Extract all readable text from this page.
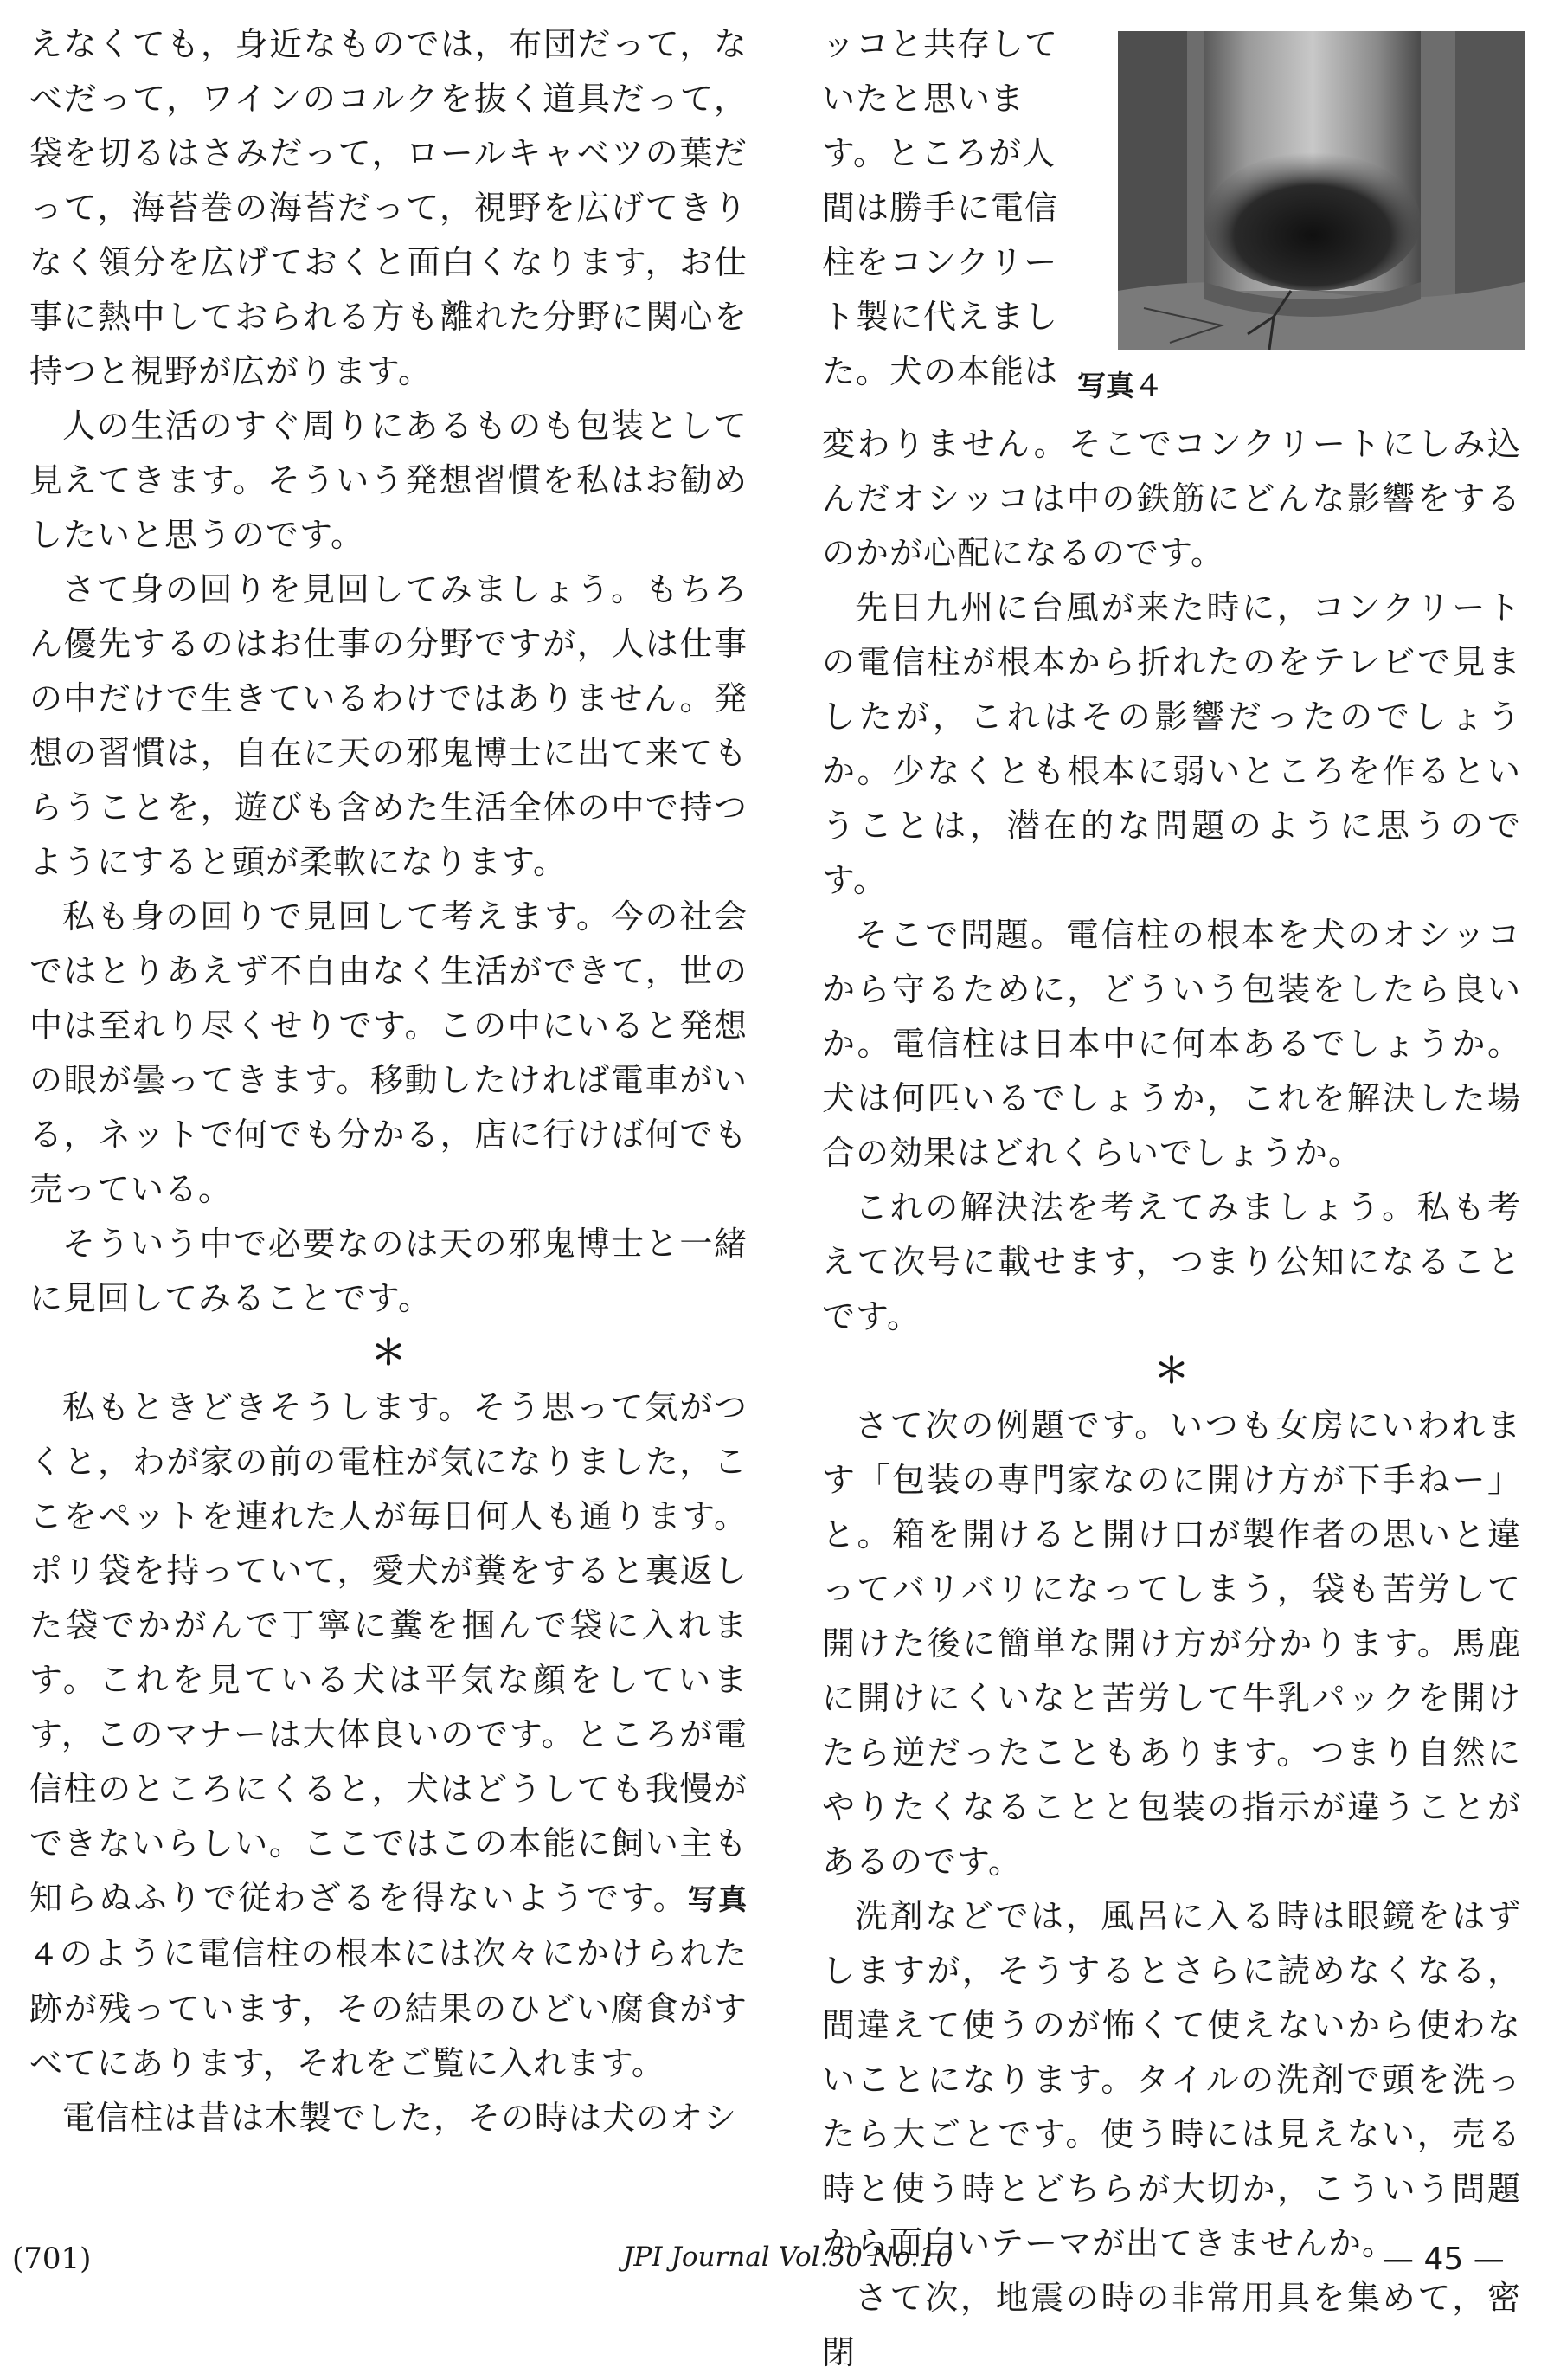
えなくても，身近なものでは，布団だって，なべだって，ワインのコルクを抜く道具だって，袋を切るはさみだって，ロールキャベツの葉だって，海苔巻の海苔だって，視野を広げてきりなく領分を広げておくと面白くなります，お仕事に熱中しておられる方も離れた分野に関心を持つと視野が広がります。

人の生活のすぐ周りにあるものも包装として見えてきます。そういう発想習慣を私はお勧めしたいと思うのです。

さて身の回りを見回してみましょう。もちろん優先するのはお仕事の分野ですが，人は仕事の中だけで生きているわけではありません。発想の習慣は，自在に天の邪鬼博士に出て来てもらうことを，遊びも含めた生活全体の中で持つようにすると頭が柔軟になります。

私も身の回りで見回して考えます。今の社会ではとりあえず不自由なく生活ができて，世の中は至れり尽くせりです。この中にいると発想の眼が曇ってきます。移動したければ電車がいる，ネットで何でも分かる，店に行けば何でも売っている。

そういう中で必要なのは天の邪鬼博士と一緒に見回してみることです。

＊

私もときどきそうします。そう思って気がつくと，わが家の前の電柱が気になりました，ここをペットを連れた人が毎日何人も通ります。ポリ袋を持っていて，愛犬が糞をすると裏返した袋でかがんで丁寧に糞を掴んで袋に入れます。これを見ている犬は平気な顔をしています，このマナーは大体良いのです。ところが電信柱のところにくると，犬はどうしても我慢ができないらしい。ここではこの本能に飼い主も知らぬふりで従わざるを得ないようです。写真４のように電信柱の根本には次々にかけられた跡が残っています，その結果のひどい腐食がすべてにあります，それをご覧に入れます。

電信柱は昔は木製でした，その時は犬のオシ

ッコと共存していたと思います。ところが人間は勝手に電信柱をコンクリート製に代えました。犬の本能は 写真４

変わりません。そこでコンクリートにしみ込んだオシッコは中の鉄筋にどんな影響をするのかが心配になるのです。

先日九州に台風が来た時に，コンクリートの電信柱が根本から折れたのをテレビで見ましたが，これはその影響だったのでしょうか。少なくとも根本に弱いところを作るということは，潜在的な問題のように思うのです。

そこで問題。電信柱の根本を犬のオシッコから守るために，どういう包装をしたら良いか。電信柱は日本中に何本あるでしょうか。犬は何匹いるでしょうか，これを解決した場合の効果はどれくらいでしょうか。

これの解決法を考えてみましょう。私も考えて次号に載せます，つまり公知になることです。

＊

さて次の例題です。いつも女房にいわれます「包装の専門家なのに開け方が下手ねー」と。箱を開けると開け口が製作者の思いと違ってバリバリになってしまう，袋も苦労して開けた後に簡単な開け方が分かります。馬鹿に開けにくいなと苦労して牛乳パックを開けたら逆だったこともあります。つまり自然にやりたくなることと包装の指示が違うことがあるのです。

洗剤などでは，風呂に入る時は眼鏡をはずしますが，そうするとさらに読めなくなる，間違えて使うのが怖くて使えないから使わないことになります。タイルの洗剤で頭を洗ったら大ごとです。使う時には見えない，売る時と使う時とどちらが大切か，こういう問題から面白いテーマが出てきませんか。

さて次，地震の時の非常用具を集めて，密閉

(701)	JPI Journal Vol.50 No.10	— 45 —
